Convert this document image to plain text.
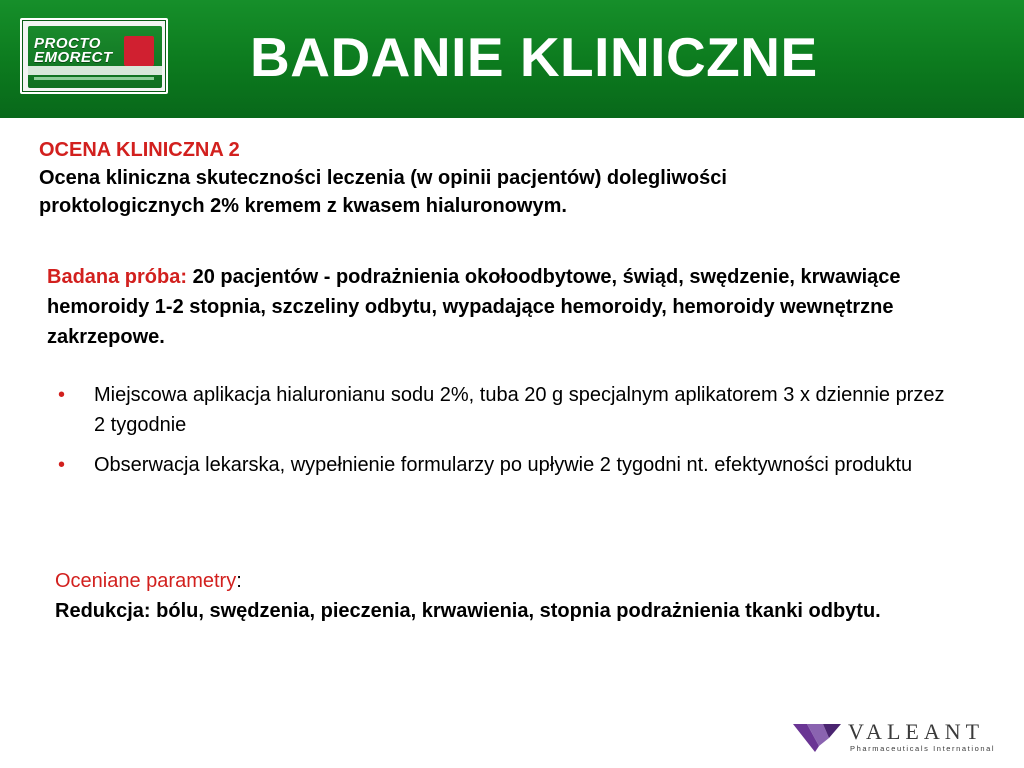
PROCTO
EMORECT	BADANIE KLINICZNE
OCENA KLINICZNA 2
Ocena kliniczna skuteczności leczenia (w opinii pacjentów) dolegliwości
proktologicznych 2% kremem z kwasem hialuronowym.
Badana próba: 20 pacjentów - podrażnienia okołoodbytowe, świąd, swędzenie, krwawiące hemoroidy 1-2 stopnia, szczeliny odbytu, wypadające hemoroidy, hemoroidy wewnętrzne zakrzepowe.
• Miejscowa aplikacja hialuronianu sodu 2%, tuba 20 g specjalnym aplikatorem 3 x dziennie przez 2 tygodnie
• Obserwacja lekarska, wypełnienie formularzy po upływie 2 tygodni nt. efektywności produktu
Oceniane parametry:
Redukcja: bólu, swędzenia, pieczenia, krwawienia, stopnia podrażnienia tkanki odbytu.
VALEANT
Pharmaceuticals International
